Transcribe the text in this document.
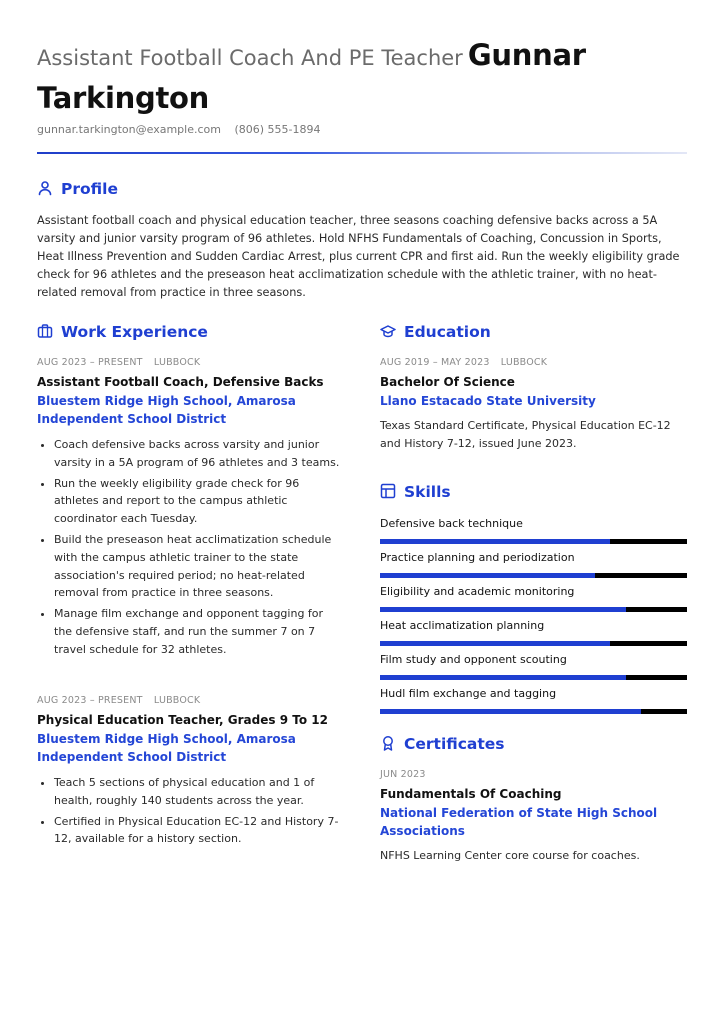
Assistant Football Coach And PE Teacher Gunnar
Tarkington
gunnar.tarkington@example.com (806) 555-1894
Profile
Assistant football coach and physical education teacher, three seasons coaching defensive backs across a 5A varsity and junior varsity program of 96 athletes. Hold NFHS Fundamentals of Coaching, Concussion in Sports, Heat Illness Prevention and Sudden Cardiac Arrest, plus current CPR and first aid. Run the weekly eligibility grade check for 96 athletes and the preseason heat acclimatization schedule with the athletic trainer, with no heat-related removal from practice in three seasons.
Work Experience
AUG 2023 – PRESENT LUBBOCK
Assistant Football Coach, Defensive Backs
Bluestem Ridge High School, Amarosa Independent School District
• Coach defensive backs across varsity and junior varsity in a 5A program of 96 athletes and 3 teams.
• Run the weekly eligibility grade check for 96 athletes and report to the campus athletic coordinator each Tuesday.
• Build the preseason heat acclimatization schedule with the campus athletic trainer to the state association's required period; no heat-related removal from practice in three seasons.
• Manage film exchange and opponent tagging for the defensive staff, and run the summer 7 on 7 travel schedule for 32 athletes.
AUG 2023 – PRESENT LUBBOCK
Physical Education Teacher, Grades 9 To 12
Bluestem Ridge High School, Amarosa Independent School District
• Teach 5 sections of physical education and 1 of health, roughly 140 students across the year.
• Certified in Physical Education EC-12 and History 7-12, available for a history section.
Education
AUG 2019 – MAY 2023 LUBBOCK
Bachelor Of Science
Llano Estacado State University
Texas Standard Certificate, Physical Education EC-12 and History 7-12, issued June 2023.
Skills
Defensive back technique
Practice planning and periodization
Eligibility and academic monitoring
Heat acclimatization planning
Film study and opponent scouting
Hudl film exchange and tagging
Certificates
JUN 2023
Fundamentals Of Coaching
National Federation of State High School Associations
NFHS Learning Center core course for coaches.
